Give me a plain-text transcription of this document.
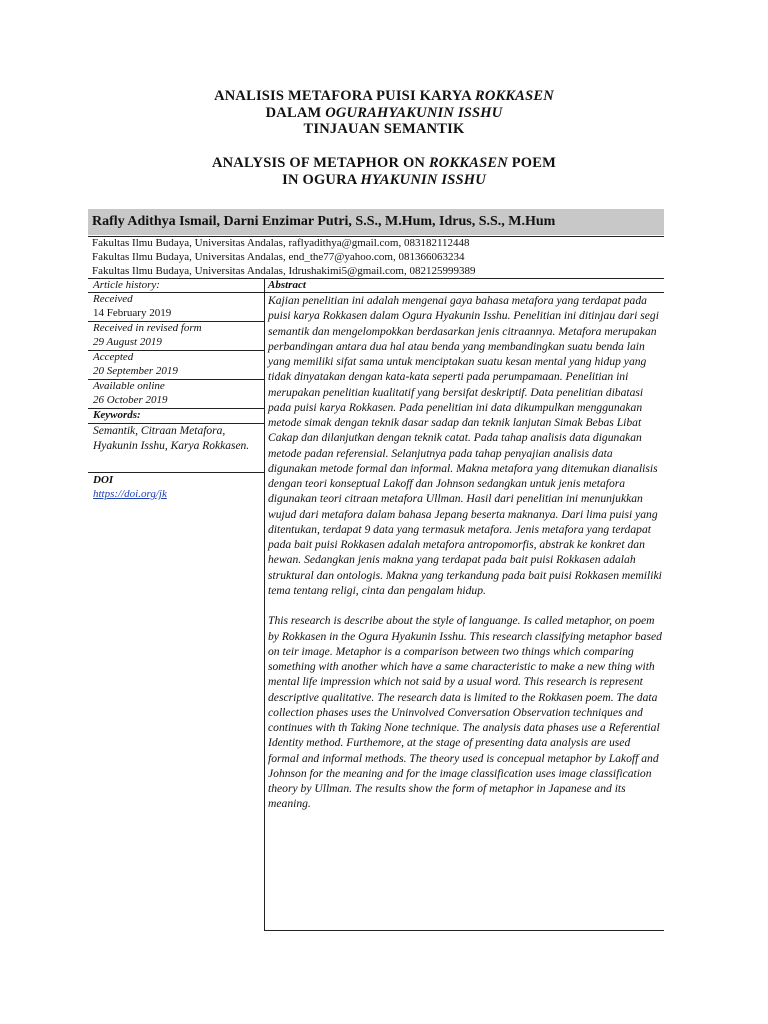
ANALISIS METAFORA PUISI KARYA ROKKASEN
DALAM OGURAHYAKUNIN ISSHU
TINJAUAN SEMANTIK
ANALYSIS OF METAPHOR ON ROKKASEN POEM
IN OGURA HYAKUNIN ISSHU
Rafly Adithya Ismail, Darni Enzimar Putri, S.S., M.Hum, Idrus, S.S., M.Hum
Fakultas Ilmu Budaya, Universitas Andalas, raflyadithya@gmail.com, 083182112448
Fakultas Ilmu Budaya, Universitas Andalas, end_the77@yahoo.com, 081366063234
Fakultas Ilmu Budaya, Universitas Andalas, Idrushakimi5@gmail.com, 082125999389
Article history:
Received
14 February 2019
Received in revised form
29 August 2019
Accepted
20 September 2019
Available online
26 October 2019
Keywords:
Semantik, Citraan Metafora, Hyakunin Isshu, Karya Rokkasen.
DOI
https://doi.org/jk
Abstract

Kajian penelitian ini adalah mengenai gaya bahasa metafora yang terdapat pada puisi karya Rokkasen dalam Ogura Hyakunin Isshu. Penelitian ini ditinjau dari segi semantik dan mengelompokkan berdasarkan jenis citraannya. Metafora merupakan perbandingan antara dua hal atau benda yang membandingkan suatu benda lain yang memiliki sifat sama untuk menciptakan suatu kesan mental yang hidup yang tidak dinyatakan dengan kata-kata seperti pada perumpamaan. Penelitian ini merupakan penelitian kualitatif yang bersifat deskriptif. Data penelitian dibatasi pada puisi karya Rokkasen. Pada penelitian ini data dikumpulkan menggunakan metode simak dengan teknik dasar sadap dan teknik lanjutan Simak Bebas Libat Cakap dan dilanjutkan dengan teknik catat. Pada tahap analisis data digunakan metode padan referensial. Selanjutnya pada tahap penyajian analisis data digunakan metode formal dan informal. Makna metafora yang ditemukan dianalisis dengan teori konseptual Lakoff dan Johnson sedangkan untuk jenis metafora digunakan teori citraan metafora Ullman. Hasil dari penelitian ini menunjukkan wujud dari metafora dalam bahasa Jepang beserta maknanya. Dari lima puisi yang ditentukan, terdapat 9 data yang termasuk metafora. Jenis metafora yang terdapat pada bait puisi Rokkasen adalah metafora antropomorfis, abstrak ke konkret dan hewan. Sedangkan jenis makna yang terdapat pada bait puisi Rokkasen adalah struktural dan ontologis. Makna yang terkandung pada bait puisi Rokkasen memiliki tema tentang religi, cinta dan pengalam hidup.

This research is describe about the style of languange. Is called metaphor, on poem by Rokkasen in the Ogura Hyakunin Isshu. This research classifying metaphor based on teir image. Metaphor is a comparison between two things which comparing something with another which have a same characteristic to make a new thing with mental life impression which not said by a usual word. This research is represent descriptive qualitative. The research data is limited to the Rokkasen poem. The data collection phases uses the Uninvolved Conversation Observation techniques and continues with th Taking None technique. The analysis data phases use a Referential Identity method. Furthemore, at the stage of presenting data analysis are used formal and informal methods. The theory used is concepual metaphor by Lakoff and Johnson for the meaning and for the image classification uses image classification theory by Ullman. The results show the form of metaphor in Japanese and its meaning.
